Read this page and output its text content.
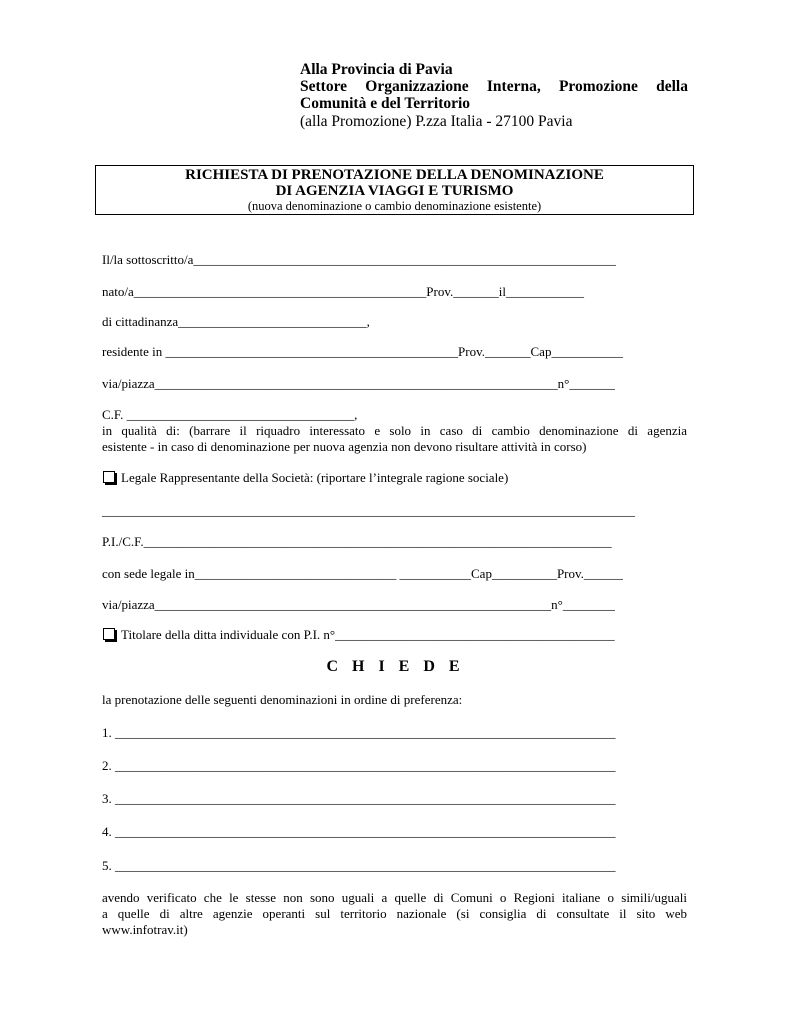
Alla Provincia di Pavia
Settore Organizzazione Interna, Promozione della
Comunità e del Territorio
(alla Promozione) P.zza Italia - 27100 Pavia
RICHIESTA DI PRENOTAZIONE DELLA DENOMINAZIONE
DI AGENZIA VIAGGI E TURISMO
(nuova denominazione o cambio denominazione esistente)
Il/la sottoscritto/a_________________________________________________________________
nato/a_____________________________________________Prov._______il____________
di cittadinanza_____________________________,
residente in _____________________________________________Prov._______Cap___________
via/piazza______________________________________________________________n°_______
C.F. ___________________________________,
in qualità di: (barrare il riquadro interessato e solo in caso di cambio denominazione di agenzia
esistente - in caso di denominazione per nuova agenzia non devono risultare attività in corso)
Legale Rappresentante della Società: (riportare l’integrale ragione sociale)
__________________________________________________________________________________
P.I./C.F.________________________________________________________________________
con sede legale in_______________________________ ___________Cap__________Prov.______
via/piazza_____________________________________________________________n°________
Titolare della ditta individuale con P.I. n°___________________________________________
C H I E D E
la prenotazione delle seguenti denominazioni in ordine di preferenza:
1. _____________________________________________________________________________
2. _____________________________________________________________________________
3. _____________________________________________________________________________
4. _____________________________________________________________________________
5. _____________________________________________________________________________
avendo verificato che le stesse non sono uguali a quelle di Comuni o Regioni italiane o simili/uguali
a quelle di altre agenzie operanti sul territorio nazionale (si consiglia di consultate il sito web
www.infotrav.it)
